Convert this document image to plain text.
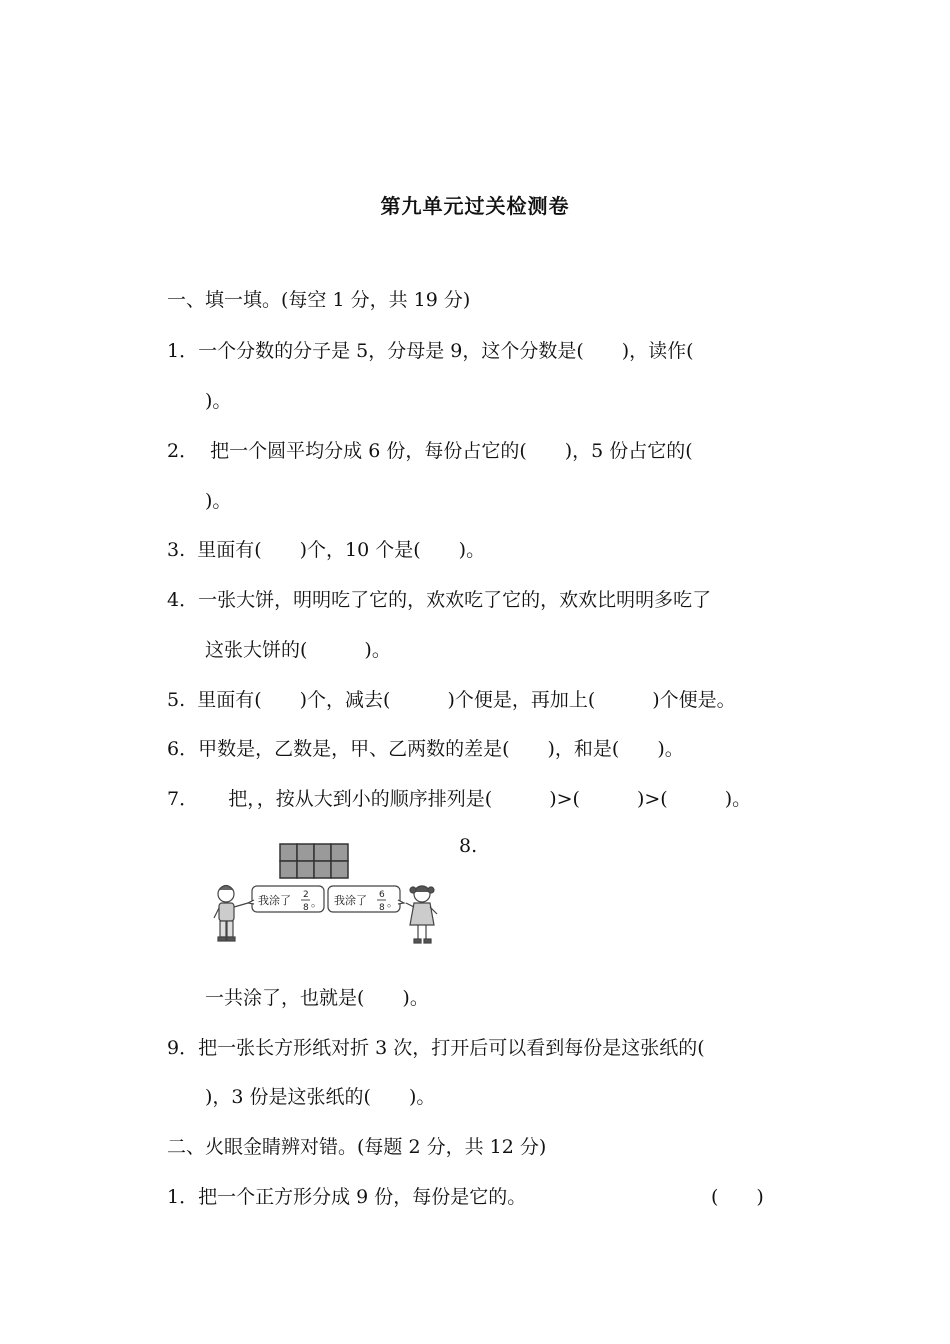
第九单元过关检测卷
一、填一填。(每空 1 分，共 19 分)
1．一个分数的分子是 5，分母是 9，这个分数是(　　)，读作(
)。
2．  把一个圆平均分成 6 份，每份占它的(　　)，5 份占它的(
)。
3.  里面有(　　)个，10 个是(　　)。
4．一张大饼，明明吃了它的，欢欢吃了它的，欢欢比明明多吃了
这张大饼的(　　　)。
5.  里面有(　　)个，减去(　　　)个便是，再加上(　　　)个便是。
6．甲数是，乙数是，甲、乙两数的差是(　　)，和是(　　)。
7．     把，，按从大到小的顺序排列是(　　　)>(　　　)>(　　　)。
我涂了 2
8 。 我涂了 6
8 。
8.
一共涂了，也就是(　　)。
9．把一张长方形纸对折 3 次，打开后可以看到每份是这张纸的(
)，3 份是这张纸的(　　)。
二、火眼金睛辨对错。(每题 2 分，共 12 分)
1．把一个正方形分成 9 份，每份是它的。	(　　)
